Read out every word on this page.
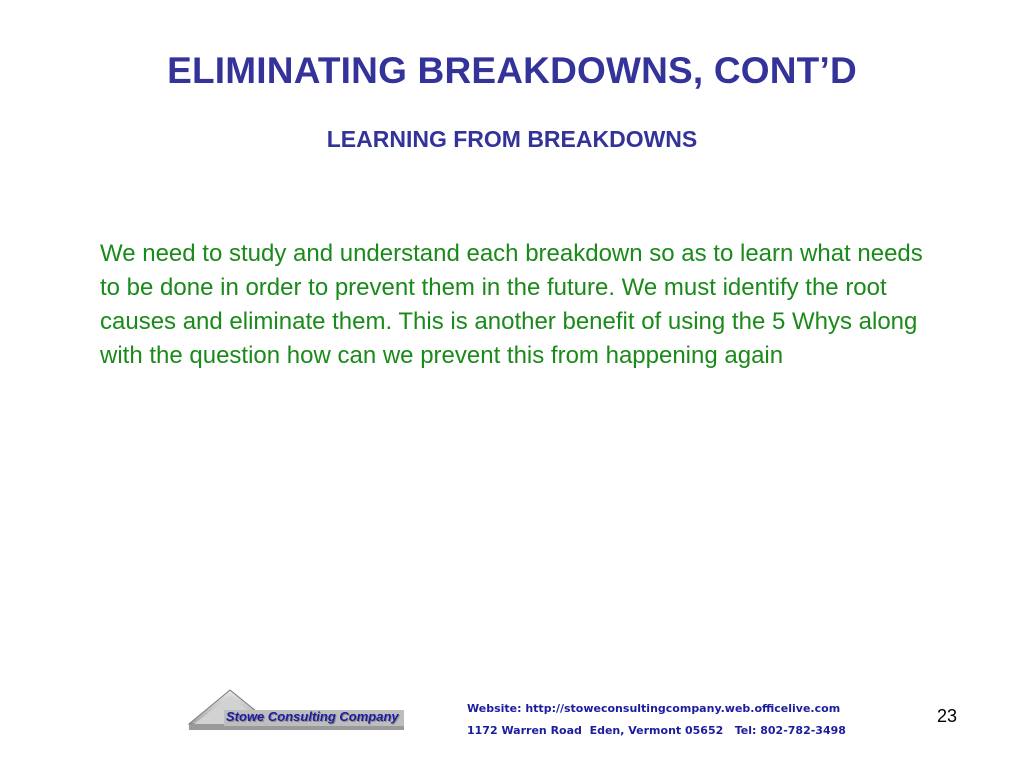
ELIMINATING BREAKDOWNS, CONT’D
LEARNING FROM BREAKDOWNS

We need to study and understand each breakdown so as to learn what needs to be done in order to prevent them in the future. We must identify the root causes and eliminate them. This is another benefit of using the 5 Whys along with the question how can we prevent this from happening again

Stowe Consulting Company
Website: http://stoweconsultingcompany.web.officelive.com
1172 Warren Road  Eden, Vermont 05652   Tel: 802-782-3498
23
